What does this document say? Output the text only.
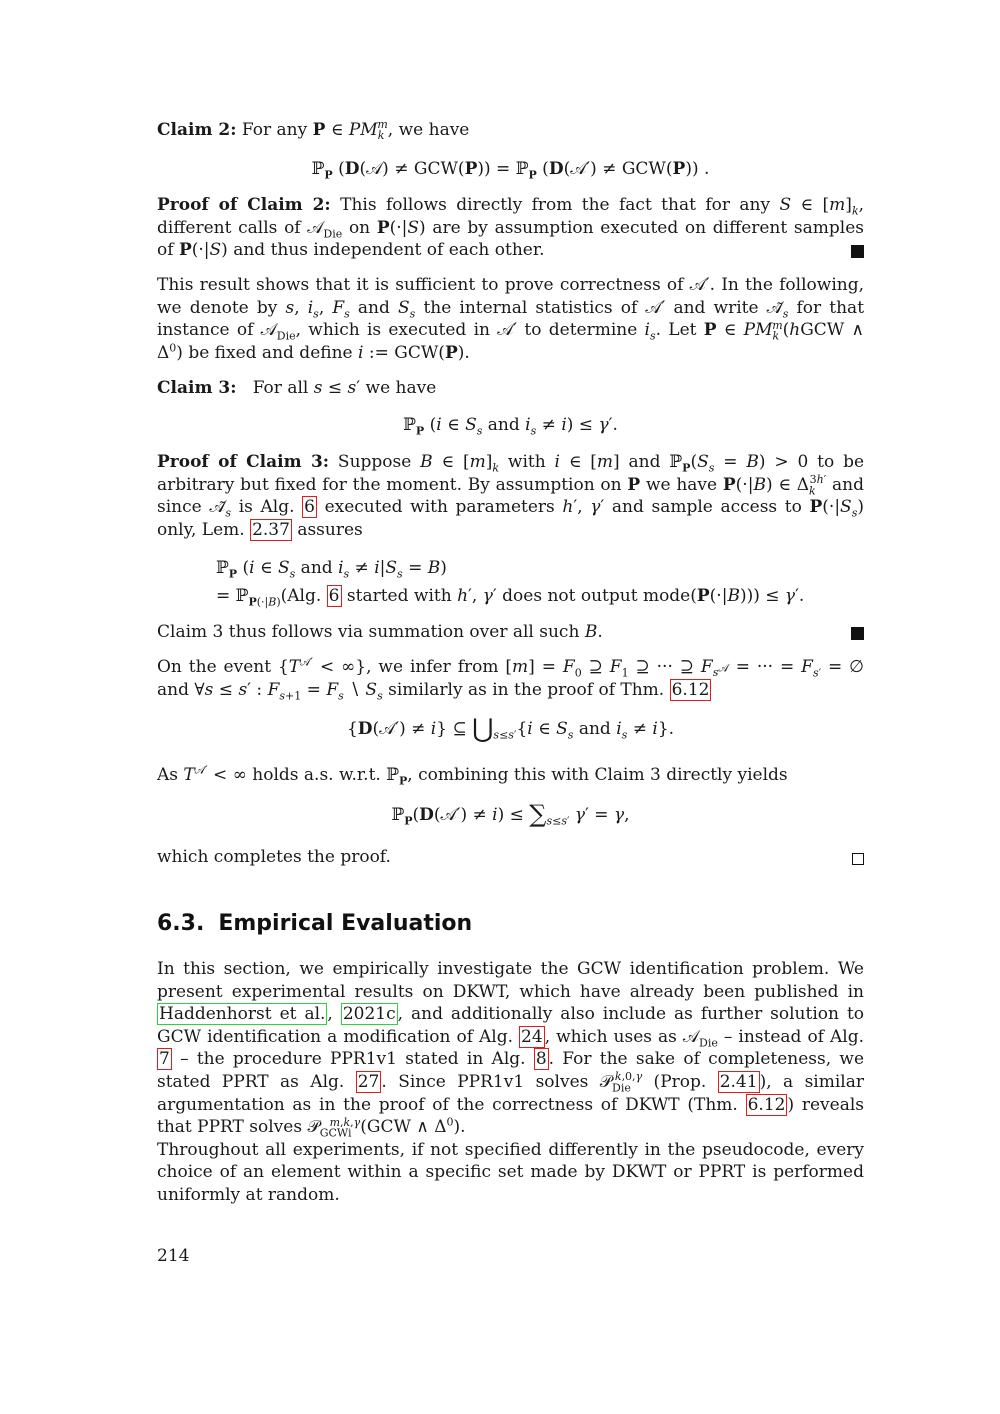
Claim 2: For any P ∈ $PM_k^m$, we have

ℙ$_P$ (D(𝒜) ≠ GCW(P)) = ℙ$_P$ (D(𝒜′) ≠ GCW(P)) .

Proof of Claim 2: This follows directly from the fact that for any S ∈ $[m]_k$, different calls of 𝒜$_{Die}$ on P(·|S) are by assumption executed on different samples of P(·|S) and thus independent of each other.

This result shows that it is sufficient to prove correctness of 𝒜′. In the following, we denote by s, $i_s$, $F_s$ and $S_s$ the internal statistics of 𝒜′ and write $𝒜̃_s$ for that instance of 𝒜$_{Die}$, which is executed in 𝒜′ to determine $i_s$. Let P ∈ $PM_k^m(hGCW$ ∧ $\Delta^0$) be fixed and define i := GCW(P).

Claim 3:   For all s ≤ s′ we have

ℙ$_P$ (i ∈ $S_s$ and $i_s \ne i) \le \gamma'$.

Proof of Claim 3: Suppose B ∈ $[m]_k$ with i ∈ [m] and $ℙ_P(S_s = B) > 0$ to be arbitrary but fixed for the moment. By assumption on P we have P(·|B) ∈ $\Delta_k^{3h'}$ and since $𝒜̃_s$ is Alg. 6 executed with parameters h′, γ′ and sample access to $P(\cdot|S_s)$ only, Lem. 2.37 assures

ℙ$_P$ (i ∈ $S_s$ and $i_s \ne i|S_s = B$)
= ℙ$_{P(\cdot|B)}$(Alg. 6 started with h′, γ′ does not output mode(P(·|B))) ≤ γ′.

Claim 3 thus follows via summation over all such B.

On the event {$T^{𝒜'}$ < ∞}, we infer from $[m] = F_0$ ⊇ $F_1$ ⊇ ··· ⊇ $F_{s^𝒜}$ = ··· = $F_{s'}$ = ∅ and ∀s ≤ s′ : $F_{s+1} = F_s$ ∖ $S_s$ similarly as in the proof of Thm. 6.12

{D(𝒜′) ≠ i} ⊆ $⋃_{s\le s'}\{i$ ∈ $S_s$ and $i_s \ne i$}.

As $T^{𝒜'}$ < ∞ holds a.s. w.r.t. ℙ$_P$, combining this with Claim 3 directly yields

ℙ$_P$(D(𝒜′) ≠ $i) \le \sum_{s\le s'}$ γ′ = γ,

which completes the proof.

6.3. Empirical Evaluation

In this section, we empirically investigate the GCW identification problem. We present experimental results on DKWT, which have already been published in Haddenhorst et al. , 2021c , and additionally also include as further solution to GCW identification a modification of Alg. 24 , which uses as 𝒜$_{Die}$ – instead of Alg. 7 – the procedure PPR1v1 stated in Alg. 8 . For the sake of completeness, we stated PPRT as Alg. 27 . Since PPR1v1 solves 𝒫$_{Die}^{k,0,\gamma}$ (Prop. 2.41 ), a similar argumentation as in the proof of the correctness of DKWT (Thm. 6.12 ) reveals that PPRT solves 𝒫$_{GCWi}^{m,k,\gamma}$(GCW ∧ $\Delta^0$).

Throughout all experiments, if not specified differently in the pseudocode, every choice of an element within a specific set made by DKWT or PPRT is performed uniformly at random.

214
